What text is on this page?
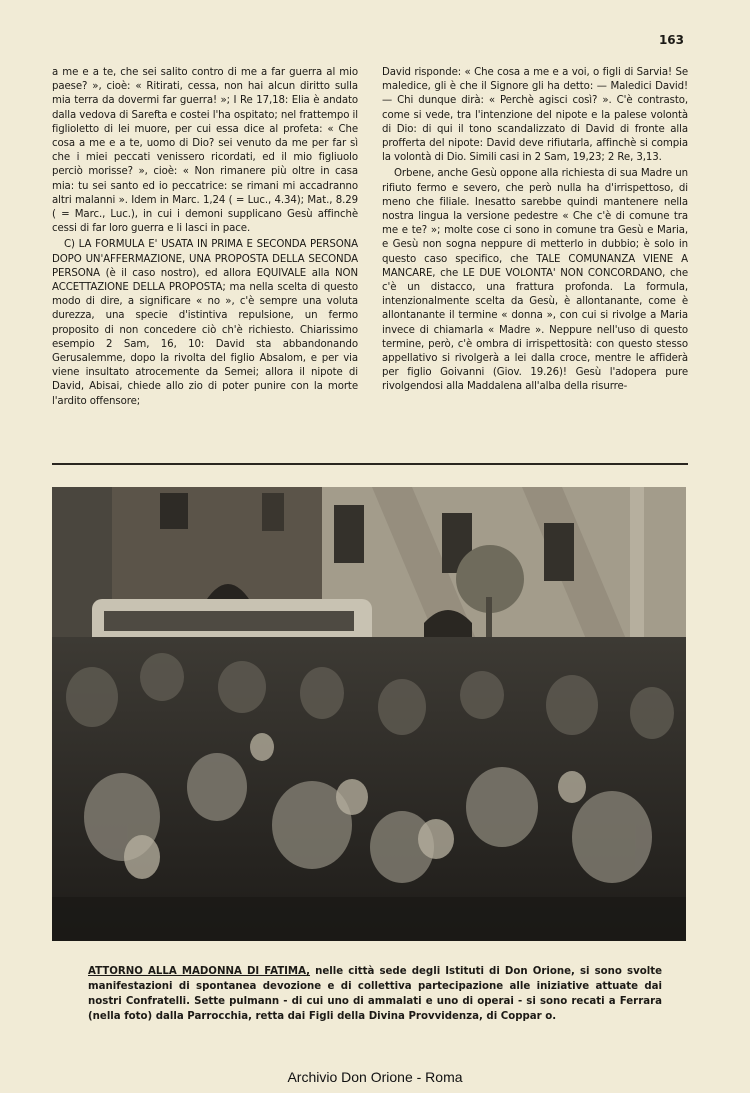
163

a me e a te, che sei salito contro di me a far guerra al mio paese? », cioè: « Ritirati, cessa, non hai alcun diritto sulla mia terra da dovermi far guerra! »; I Re 17,18: Elia è andato dalla vedova di Sarefta e costei l'ha ospitato; nel frattempo il figlioletto di lei muore, per cui essa dice al profeta: « Che cosa a me e a te, uomo di Dio? sei venuto da me per far sì che i miei peccati venissero ricordati, ed il mio figliuolo perciò morisse? », cioè: « Non rimanere più oltre in casa mia: tu sei santo ed io peccatrice: se rimani mi accadranno altri malanni ». Idem in Marc. 1,24 ( = Luc., 4.34); Mat., 8.29 ( = Marc., Luc.), in cui i demoni supplicano Gesù affinchè cessi di far loro guerra e li lasci in pace.

C) LA FORMULA E' USATA IN PRIMA E SECONDA PERSONA DOPO UN'AFFERMAZIONE, UNA PROPOSTA DELLA SECONDA PERSONA (è il caso nostro), ed allora EQUIVALE alla NON ACCETTAZIONE DELLA PROPOSTA; ma nella scelta di questo modo di dire, a significare « no », c'è sempre una voluta durezza, una specie d'istintiva repulsione, un fermo proposito di non concedere ciò ch'è richiesto. Chiarissimo esempio 2 Sam, 16, 10: David sta abbandonando Gerusalemme, dopo la rivolta del figlio Absalom, e per via viene insultato atrocemente da Semei; allora il nipote di David, Abisai, chiede allo zio di poter punire con la morte l'ardito offensore;

David risponde: « Che cosa a me e a voi, o figli di Sarvia! Se maledice, gli è che il Signore gli ha detto: — Maledici David! — Chi dunque dirà: « Perchè agisci così? ». C'è contrasto, come si vede, tra l'intenzione del nipote e la palese volontà di Dio: di qui il tono scandalizzato di David di fronte alla profferta del nipote: David deve rifiutarla, affinchè si compia la volontà di Dio. Simili casi in 2 Sam, 19,23; 2 Re, 3,13.

Orbene, anche Gesù oppone alla richiesta di sua Madre un rifiuto fermo e severo, che però nulla ha d'irrispettoso, di meno che filiale. Inesatto sarebbe quindi mantenere nella nostra lingua la versione pedestre « Che c'è di comune tra me e te? »; molte cose ci sono in comune tra Gesù e Maria, e Gesù non sogna neppure di metterlo in dubbio; è solo in questo caso specifico, che TALE COMUNANZA VIENE A MANCARE, che LE DUE VOLONTA' NON CONCORDANO, che c'è un distacco, una frattura profonda. La formula, intenzionalmente scelta da Gesù, è allontanante, come è allontanante il termine « donna », con cui si rivolge a Maria invece di chiamarla « Madre ». Neppure nell'uso di questo termine, però, c'è ombra di irrispettosità: con questo stesso appellativo si rivolgerà a lei dalla croce, mentre le affiderà per figlio Goivanni (Giov. 19.26)! Gesù l'adopera pure rivolgendosi alla Maddalena all'alba della risurre-

ATTORNO ALLA MADONNA DI FATIMA, nelle città sede degli Istituti di Don Orione, si sono svolte manifestazioni di spontanea devozione e di collettiva partecipazione alle iniziative attuate dai nostri Confratelli. Sette pulmann - di cui uno di ammalati e uno di operai - si sono recati a Ferrara (nella foto) dalla Parrocchia, retta dai Figli della Divina Provvidenza, di Coppar o.
Archivio Don Orione - Roma
